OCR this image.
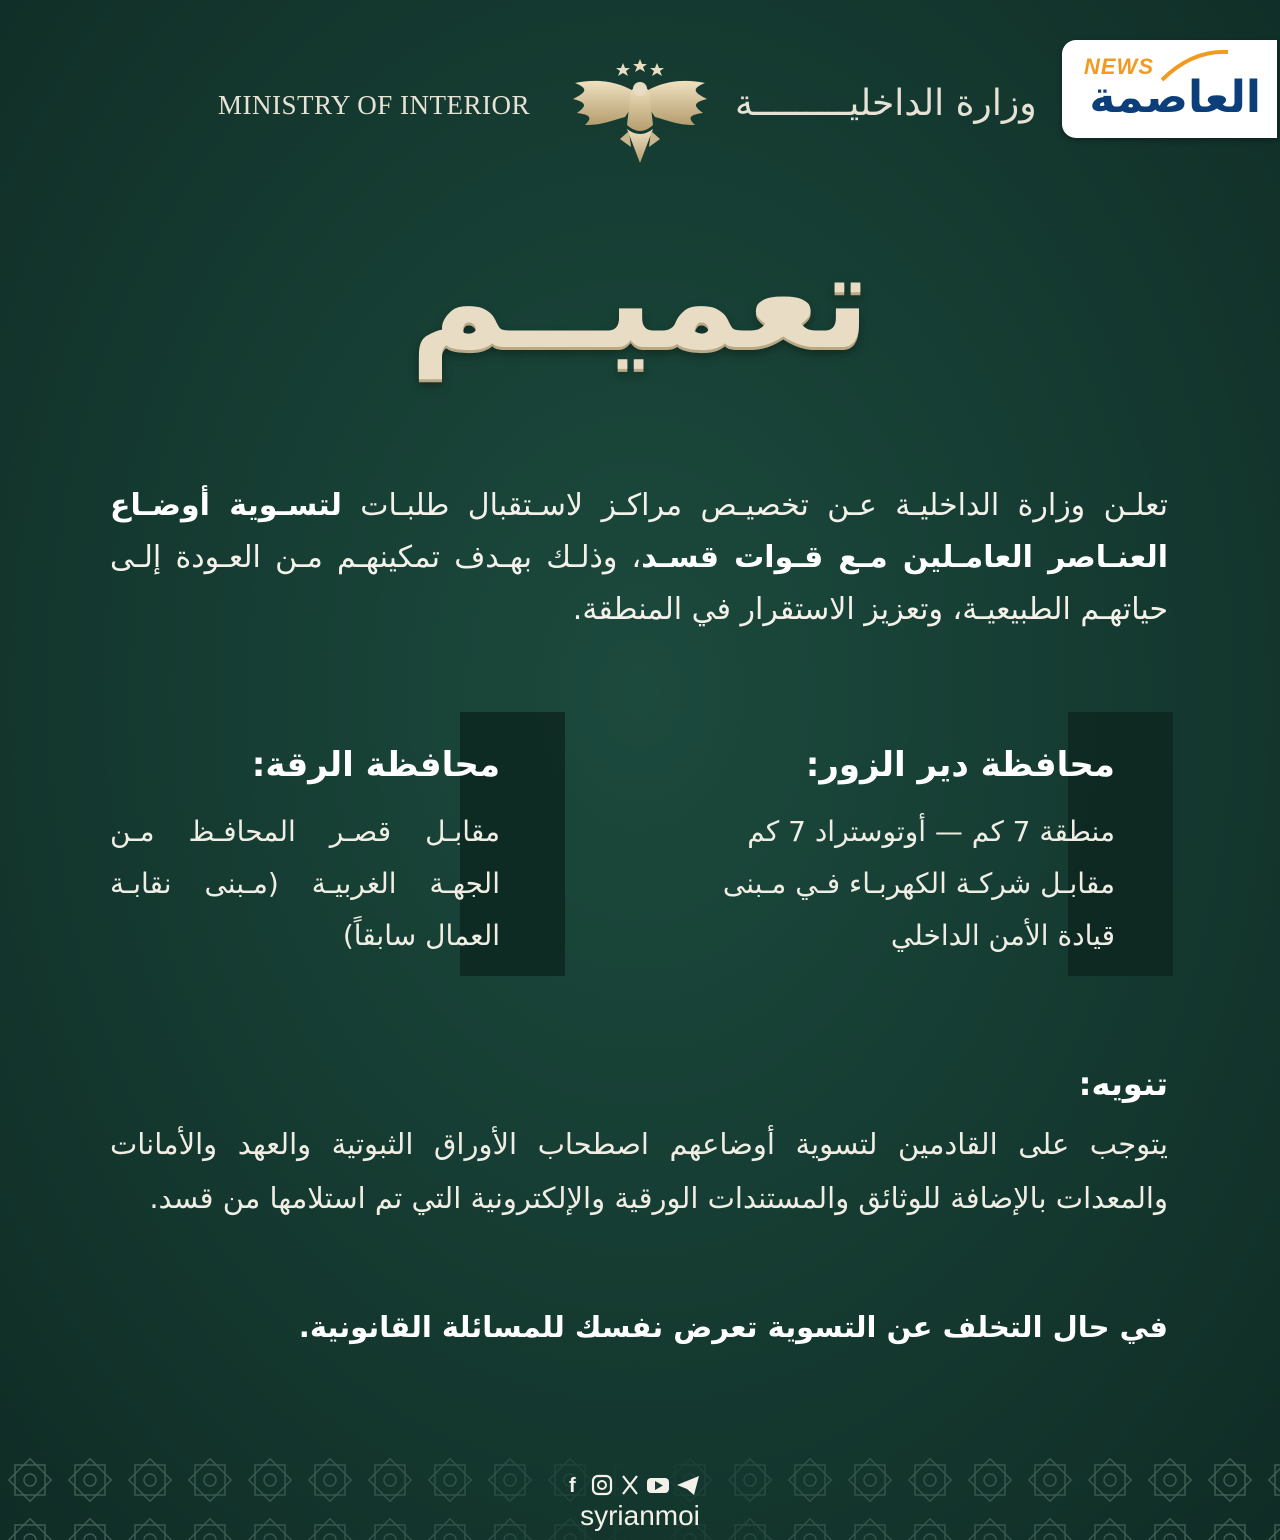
MINISTRY OF INTERIOR	وزارة الداخليـــــــــة
NEWS
العاصمة
تعميــم
تعلـن وزارة الداخليـة عـن تخصيـص مراكـز لاسـتقبال طلبـات لتسـوية أوضـاع العنـاصر العامـلين مـع قـوات قسـد، وذلـك بهـدف تمكينهـم مـن العـودة إلـى حياتهـم الطبيعيـة، وتعزيز الاستقرار في المنطقة.
محافظة الرقة:
مقابـل قصـر المحافـظ مـن الجهـة الغربيـة (مـبنى نقابـة العمال سابقاً)
محافظة دير الزور:
منطقة 7 كم — أوتوستراد 7 كم
مقابـل شركـة الكهربـاء فـي مـبنى
قيادة الأمن الداخلي
تنويه:
يتوجب على القادمين لتسوية أوضاعهم اصطحاب الأوراق الثبوتية والعهد والأمانات والمعدات بالإضافة للوثائق والمستندات الورقية والإلكترونية التي تم استلامها من قسد.
في حال التخلف عن التسوية تعرض نفسك للمسائلة القانونية.
f
syrianmoi
